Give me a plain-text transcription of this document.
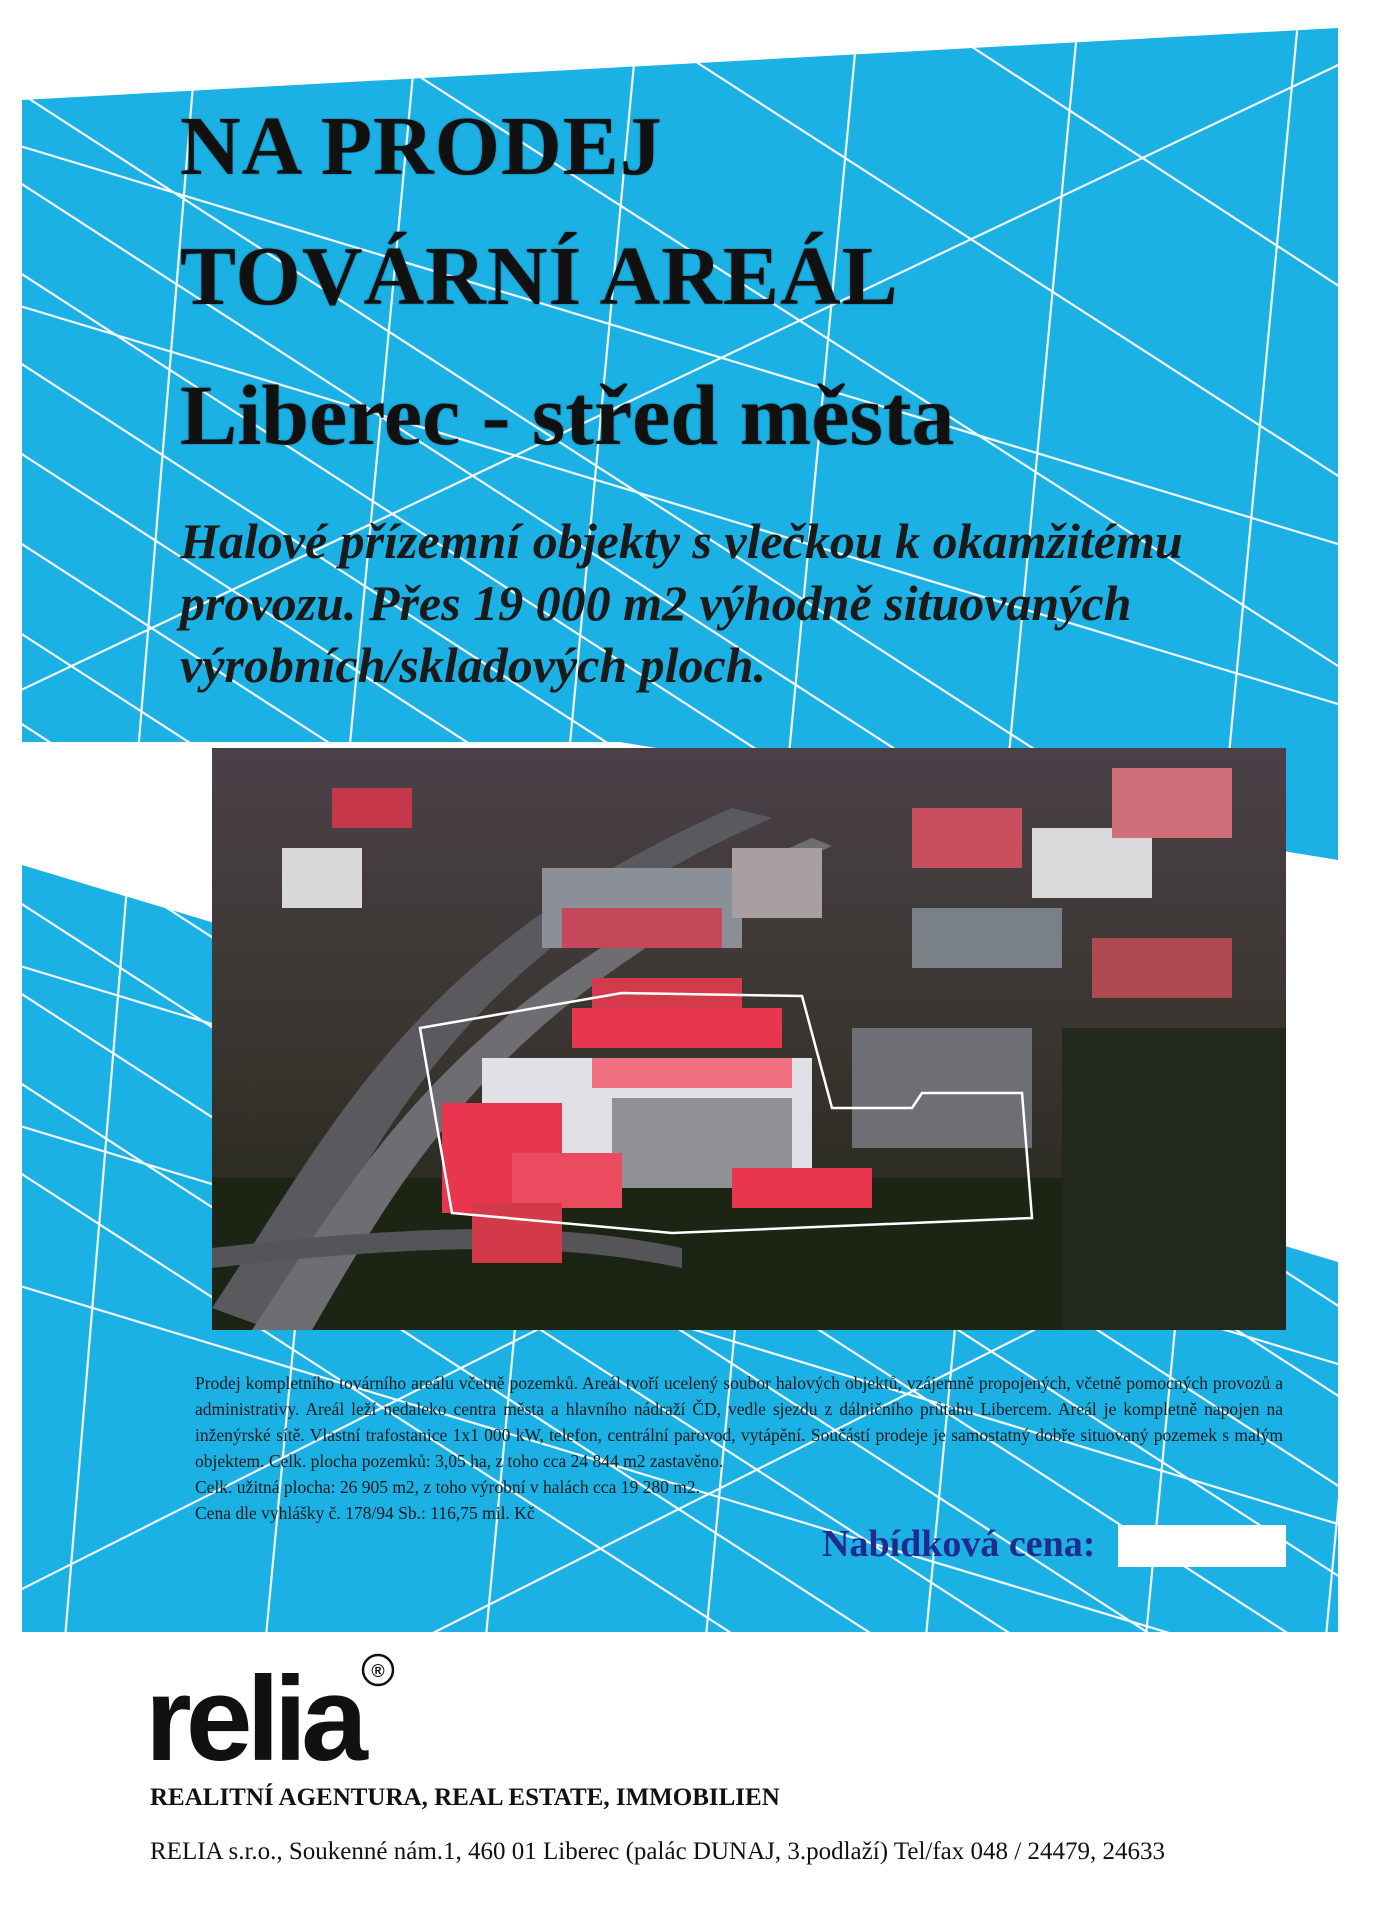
NA PRODEJ
TOVÁRNÍ AREÁL
Liberec - střed města
Halové přízemní objekty s vlečkou k okamžitému
provozu. Přes 19 000 m2 výhodně situovaných
výrobních/skladových ploch.
Prodej kompletního továrního areálu včetně pozemků. Areál tvoří ucelený soubor halových objektů, vzájemně propojených, včetně pomocných provozů a administrativy. Areál leží nedaleko centra města a hlavního nádraží ČD, vedle sjezdu z dálničního průtahu Libercem. Areál je kompletně napojen na inženýrské sítě. Vlastní trafostanice 1x1 000 kW, telefon, centrální parovod, vytápění. Součástí prodeje je samostatný dobře situovaný pozemek s malým objektem. Celk. plocha pozemků: 3,05 ha, z toho cca 24 844 m2 zastavěno.
Celk. užitná plocha: 26 905 m2, z toho výrobní v halách cca 19 280 m2.
Cena dle vyhlášky č. 178/94 Sb.: 116,75 mil. Kč
Nabídková cena:
relia ®
REALITNÍ AGENTURA, REAL ESTATE, IMMOBILIEN
RELIA s.r.o., Soukenné nám.1, 460 01 Liberec (palác DUNAJ, 3.podlaží) Tel/fax 048 / 24479, 24633
